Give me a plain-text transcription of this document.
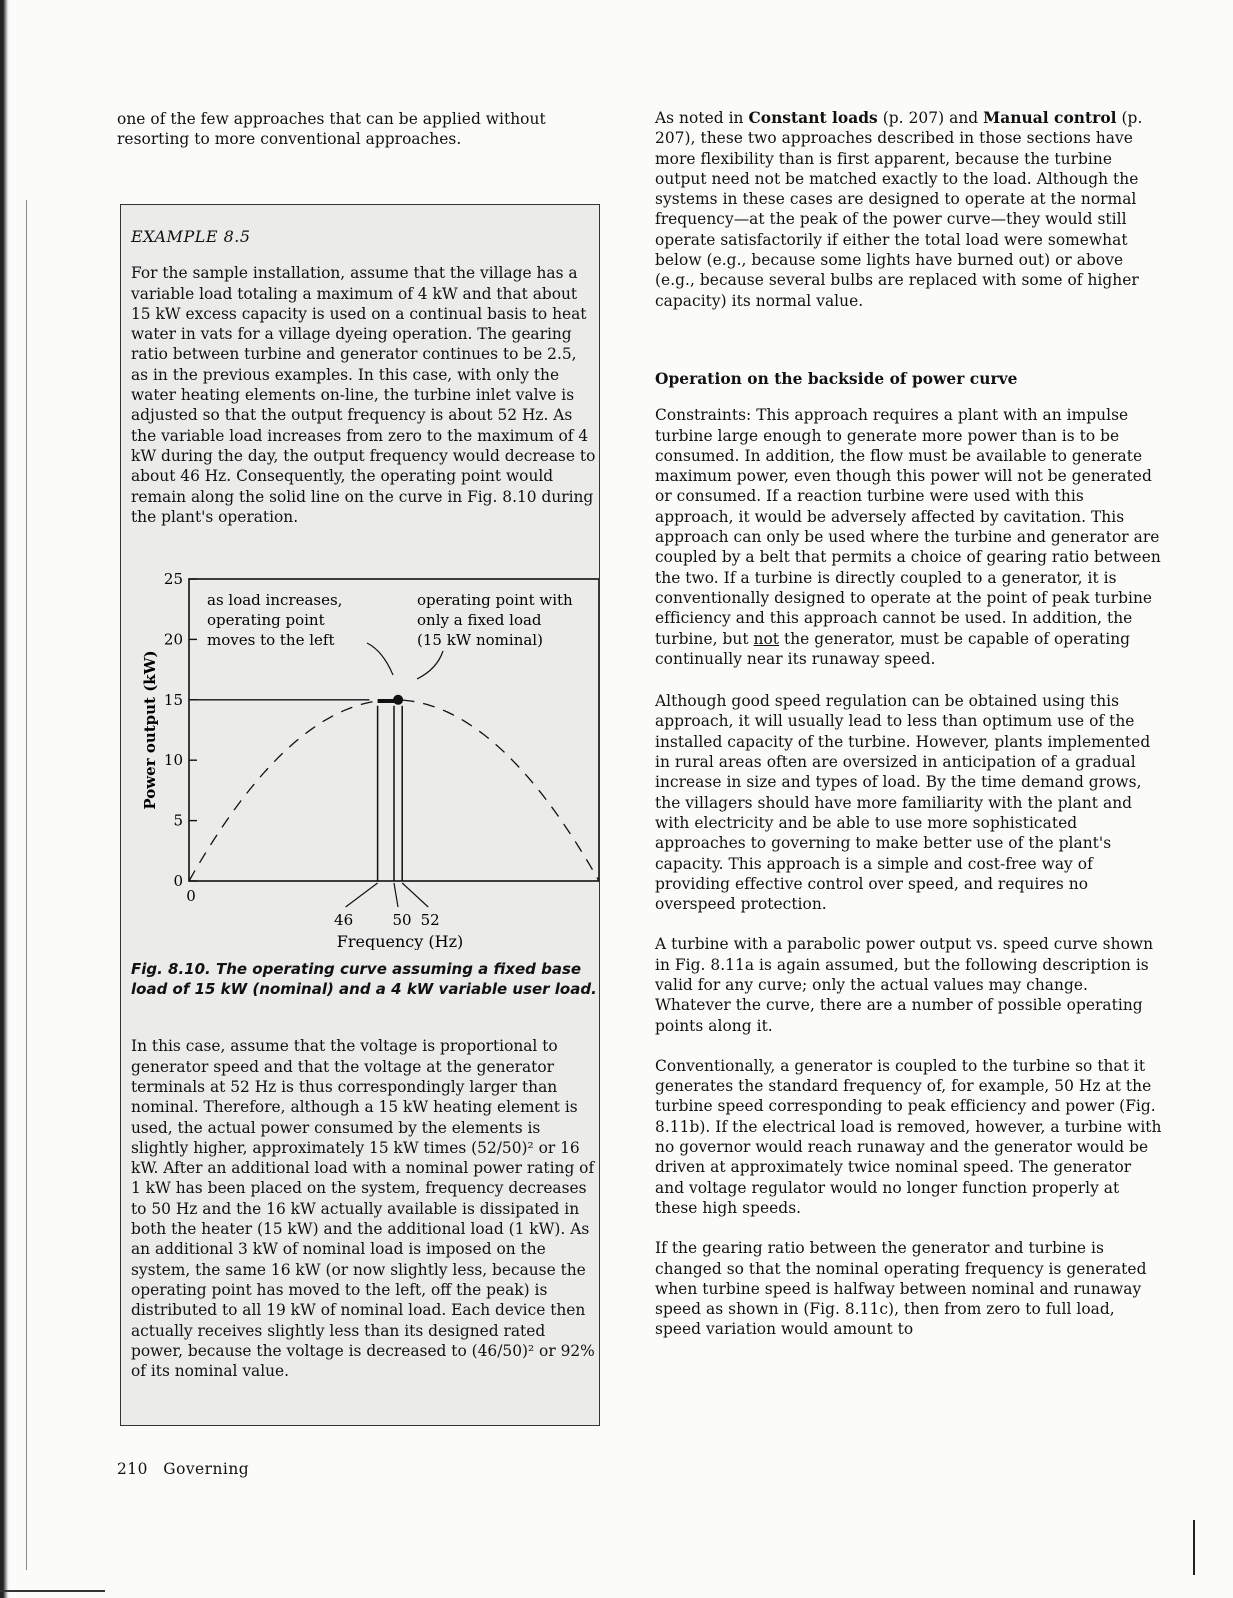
one of the few approaches that can be applied without resorting to more conventional approaches.

EXAMPLE 8.5

For the sample installation, assume that the village has a variable load totaling a maximum of 4 kW and that about 15 kW excess capacity is used on a continual basis to heat water in vats for a village dyeing operation. The gearing ratio between turbine and generator continues to be 2.5, as in the previous examples. In this case, with only the water heating elements on-line, the turbine inlet valve is adjusted so that the output frequency is about 52 Hz. As the variable load increases from zero to the maximum of 4 kW during the day, the output frequency would decrease to about 46 Hz. Consequently, the operating point would remain along the solid line on the curve in Fig. 8.10 during the plant's operation.

0
5
10
15
20
25
Power output (kW)
0
46	50 52
Frequency (Hz)
as load increases,
operating point
moves to the left
operating point with
only a fixed load
(15 kW nominal)
Fig. 8.10. The operating curve assuming a fixed base load of 15 kW (nominal) and a 4 kW variable user load.

In this case, assume that the voltage is proportional to generator speed and that the voltage at the generator terminals at 52 Hz is thus correspondingly larger than nominal. Therefore, although a 15 kW heating element is used, the actual power consumed by the elements is slightly higher, approximately 15 kW times (52/50)² or 16 kW. After an additional load with a nominal power rating of 1 kW has been placed on the system, frequency decreases to 50 Hz and the 16 kW actually available is dissipated in both the heater (15 kW) and the additional load (1 kW). As an additional 3 kW of nominal load is imposed on the system, the same 16 kW (or now slightly less, because the operating point has moved to the left, off the peak) is distributed to all 19 kW of nominal load. Each device then actually receives slightly less than its designed rated power, because the voltage is decreased to (46/50)² or 92% of its nominal value.

As noted in Constant loads (p. 207) and Manual control (p. 207), these two approaches described in those sections have more flexibility than is first apparent, because the turbine output need not be matched exactly to the load. Although the systems in these cases are designed to operate at the normal frequency—at the peak of the power curve—they would still operate satisfactorily if either the total load were somewhat below (e.g., because some lights have burned out) or above (e.g., because several bulbs are replaced with some of higher capacity) its normal value.

Operation on the backside of power curve

Constraints: This approach requires a plant with an impulse turbine large enough to generate more power than is to be consumed. In addition, the flow must be available to generate maximum power, even though this power will not be generated or consumed. If a reaction turbine were used with this approach, it would be adversely affected by cavitation. This approach can only be used where the turbine and generator are coupled by a belt that permits a choice of gearing ratio between the two. If a turbine is directly coupled to a generator, it is conventionally designed to operate at the point of peak turbine efficiency and this approach cannot be used. In addition, the turbine, but not the generator, must be capable of operating continually near its runaway speed.

Although good speed regulation can be obtained using this approach, it will usually lead to less than optimum use of the installed capacity of the turbine. However, plants implemented in rural areas often are oversized in anticipation of a gradual increase in size and types of load. By the time demand grows, the villagers should have more familiarity with the plant and with electricity and be able to use more sophisticated approaches to governing to make better use of the plant's capacity. This approach is a simple and cost-free way of providing effective control over speed, and requires no overspeed protection.

A turbine with a parabolic power output vs. speed curve shown in Fig. 8.11a is again assumed, but the following description is valid for any curve; only the actual values may change. Whatever the curve, there are a number of possible operating points along it.

Conventionally, a generator is coupled to the turbine so that it generates the standard frequency of, for example, 50 Hz at the turbine speed corresponding to peak efficiency and power (Fig. 8.11b). If the electrical load is removed, however, a turbine with no governor would reach runaway and the generator would be driven at approximately twice nominal speed. The generator and voltage regulator would no longer function properly at these high speeds.

If the gearing ratio between the generator and turbine is changed so that the nominal operating frequency is generated when turbine speed is halfway between nominal and runaway speed as shown in (Fig. 8.11c), then from zero to full load, speed variation would amount to

210 Governing
